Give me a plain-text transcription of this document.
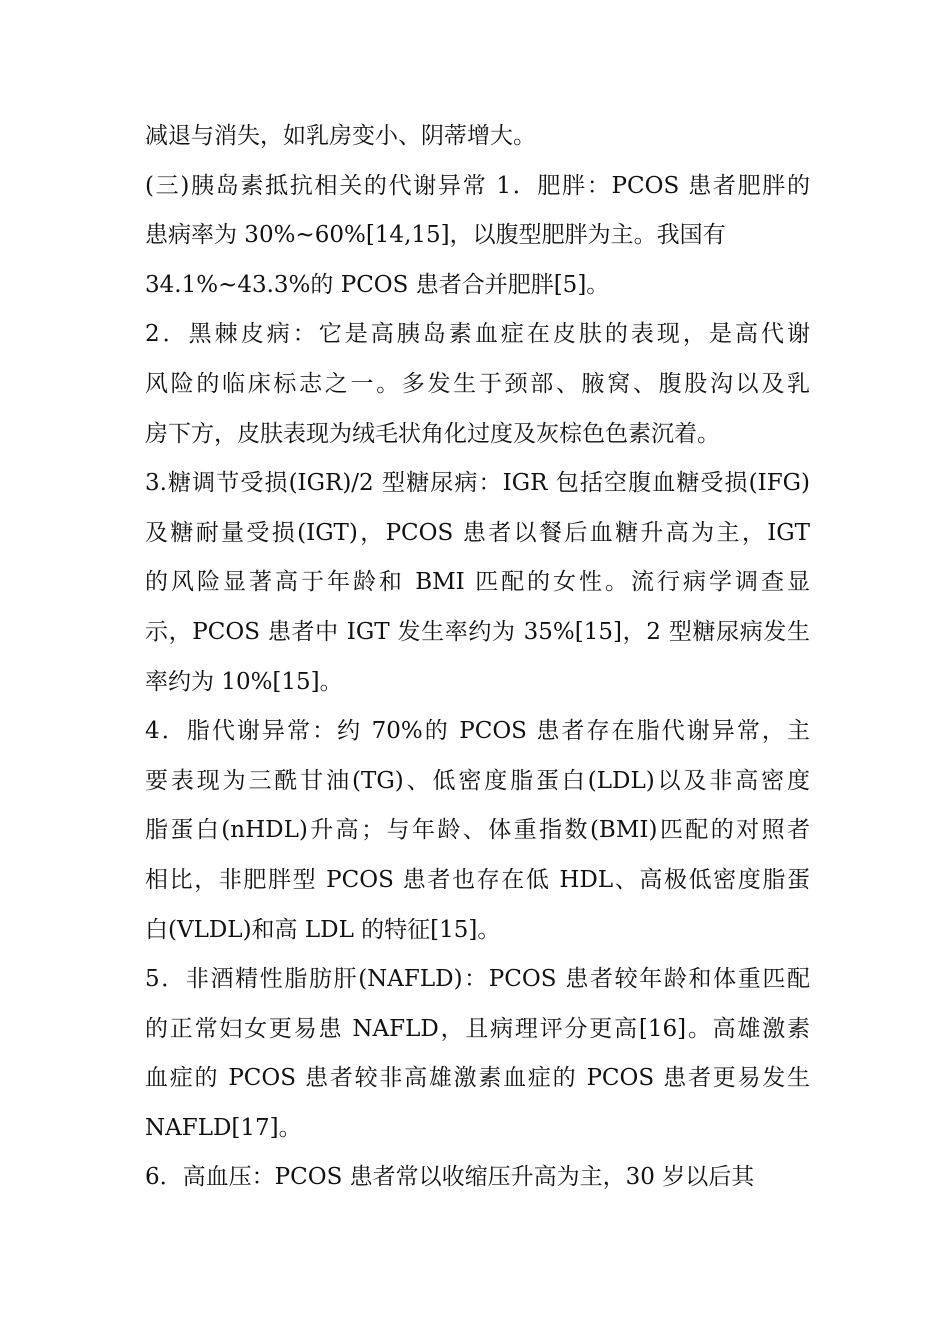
减退与消失，如乳房变小、阴蒂增大。
(三)胰岛素抵抗相关的代谢异常 1．肥胖：PCOS 患者肥胖的
患病率为 30%~60%[14,15]，以腹型肥胖为主。我国有
34.1%~43.3%的 PCOS 患者合并肥胖[5]。
2．黑棘皮病：它是高胰岛素血症在皮肤的表现，是高代谢
风险的临床标志之一。多发生于颈部、腋窝、腹股沟以及乳
房下方，皮肤表现为绒毛状角化过度及灰棕色色素沉着。
3.糖调节受损(IGR)/2 型糖尿病：IGR 包括空腹血糖受损(IFG)
及糖耐量受损(IGT)，PCOS 患者以餐后血糖升高为主，IGT
的风险显著高于年龄和 BMI 匹配的女性。流行病学调查显
示，PCOS 患者中 IGT 发生率约为 35%[15]，2 型糖尿病发生
率约为 10%[15]。
4．脂代谢异常：约 70%的 PCOS 患者存在脂代谢异常，主
要表现为三酰甘油(TG)、低密度脂蛋白(LDL)以及非高密度
脂蛋白(nHDL)升高；与年龄、体重指数(BMI)匹配的对照者
相比，非肥胖型 PCOS 患者也存在低 HDL、高极低密度脂蛋
白(VLDL)和高 LDL 的特征[15]。
5．非酒精性脂肪肝(NAFLD)：PCOS 患者较年龄和体重匹配
的正常妇女更易患 NAFLD，且病理评分更高[16]。高雄激素
血症的 PCOS 患者较非高雄激素血症的 PCOS 患者更易发生
NAFLD[17]。
6．高血压：PCOS 患者常以收缩压升高为主，30 岁以后其
